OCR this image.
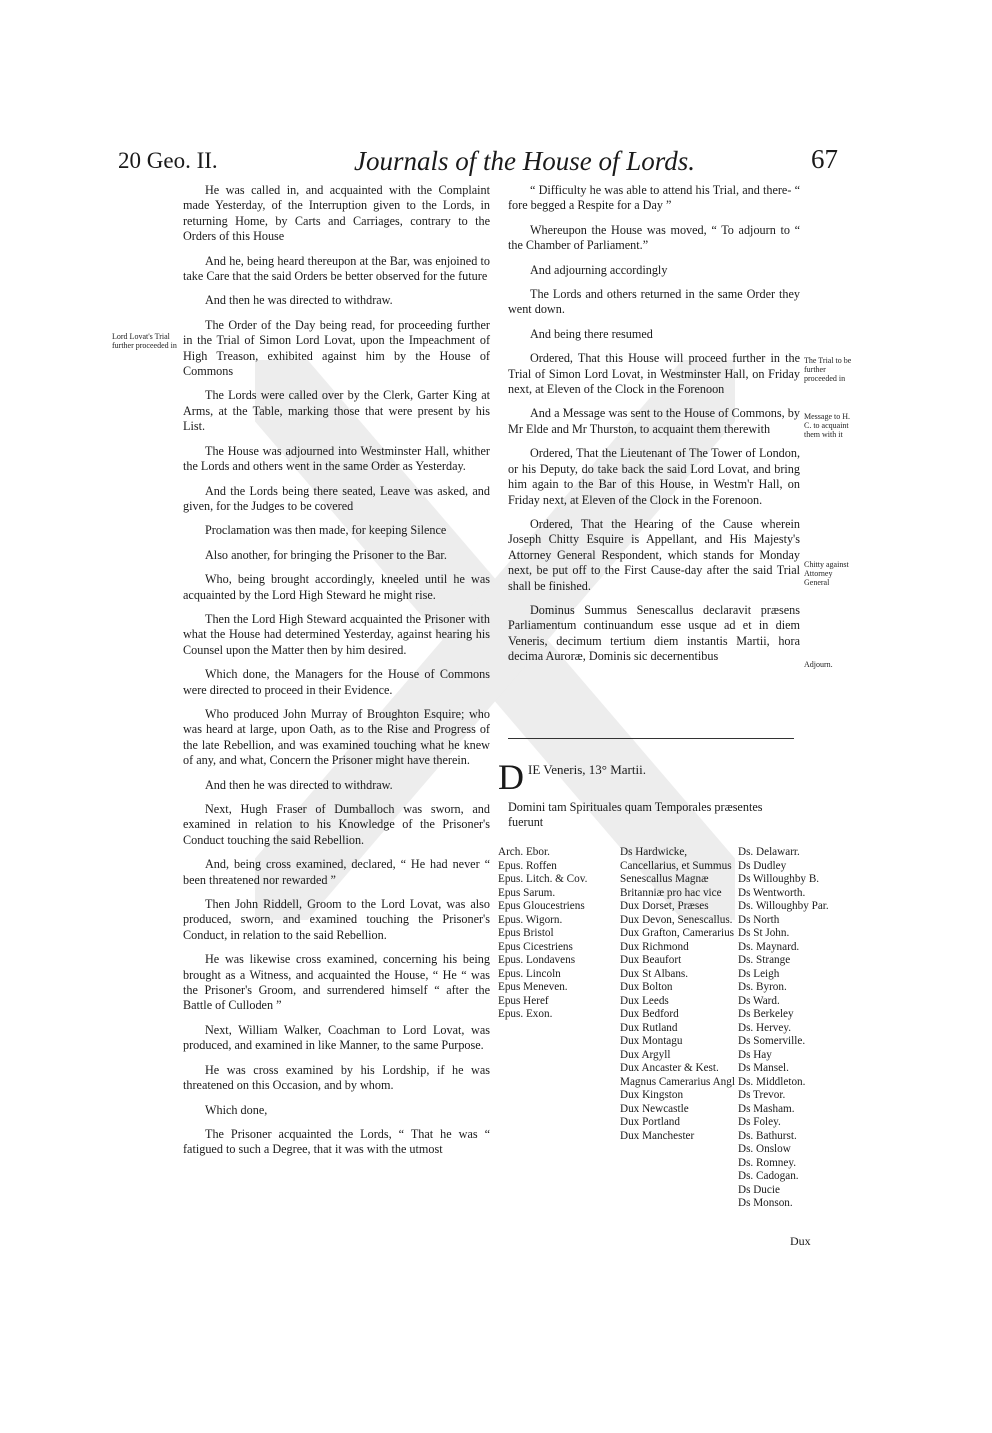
20 Geo. II.	Journals of the House of Lords.	67
Lord Lovat's Trial further proceeded in

He was called in, and acquainted with the Complaint made Yesterday, of the Interruption given to the Lords, in returning Home, by Carts and Carriages, contrary to the Orders of this House

And he, being heard thereupon at the Bar, was enjoined to take Care that the said Orders be better observed for the future

And then he was directed to withdraw.

The Order of the Day being read, for proceeding further in the Trial of Simon Lord Lovat, upon the Impeachment of High Treason, exhibited against him by the House of Commons

The Lords were called over by the Clerk, Garter King at Arms, at the Table, marking those that were present by his List.

The House was adjourned into Westminster Hall, whither the Lords and others went in the same Order as Yesterday.

And the Lords being there seated, Leave was asked, and given, for the Judges to be covered

Proclamation was then made, for keeping Silence

Also another, for bringing the Prisoner to the Bar.

Who, being brought accordingly, kneeled until he was acquainted by the Lord High Steward he might rise.

Then the Lord High Steward acquainted the Prisoner with what the House had determined Yesterday, against hearing his Counsel upon the Matter then by him desired.

Which done, the Managers for the House of Commons were directed to proceed in their Evidence.

Who produced John Murray of Broughton Esquire; who was heard at large, upon Oath, as to the Rise and Progress of the late Rebellion, and was examined touching what he knew of any, and what, Concern the Prisoner might have therein.

And then he was directed to withdraw.

Next, Hugh Fraser of Dumballoch was sworn, and examined in relation to his Knowledge of the Prisoner's Conduct touching the said Rebellion.

And, being cross examined, declared, “ He had never “ been threatened nor rewarded ”

Then John Riddell, Groom to the Lord Lovat, was also produced, sworn, and examined touching the Prisoner's Conduct, in relation to the said Rebellion.

He was likewise cross examined, concerning his being brought as a Witness, and acquainted the House, “ He “ was the Prisoner's Groom, and surrendered himself “ after the Battle of Culloden ”

Next, William Walker, Coachman to Lord Lovat, was produced, and examined in like Manner, to the same Purpose.

He was cross examined by his Lordship, if he was threatened on this Occasion, and by whom.

Which done,

The Prisoner acquainted the Lords, “ That he was “ fatigued to such a Degree, that it was with the utmost

“ Difficulty he was able to attend his Trial, and there- “ fore begged a Respite for a Day ”

Whereupon the House was moved, “ To adjourn to “ the Chamber of Parliament.”

And adjourning accordingly

The Lords and others returned in the same Order they went down.

And being there resumed

Ordered, That this House will proceed further in the Trial of Simon Lord Lovat, in Westminster Hall, on Friday next, at Eleven of the Clock in the Forenoon

And a Message was sent to the House of Commons, by Mr Elde and Mr Thurston, to acquaint them therewith

Ordered, That the Lieutenant of The Tower of London, or his Deputy, do take back the said Lord Lovat, and bring him again to the Bar of this House, in Westm'r Hall, on Friday next, at Eleven of the Clock in the Forenoon.

Ordered, That the Hearing of the Cause wherein Joseph Chitty Esquire is Appellant, and His Majesty's Attorney General Respondent, which stands for Monday next, be put off to the First Cause-day after the said Trial shall be finished.

Dominus Summus Senescallus declaravit præsens Parliamentum continuandum esse usque ad et in diem Veneris, decimum tertium diem instantis Martii, hora decima Auroræ, Dominis sic decernentibus

The Trial to be further proceeded in
Message to H. C. to acquaint them with it
Chitty against Attorney General
Adjourn.
D IE Veneris, 13° Martii.
Domini tam Spirituales quam Temporales præsentes fuerunt
Arch. Ebor.
Epus. Roffen
Epus. Litch. & Cov.
Epus Sarum.
Epus Gloucestriens
Epus. Wigorn.
Epus Bristol
Epus Cicestriens
Epus. Londavens
Epus. Lincoln
Epus Meneven.
Epus Heref
Epus. Exon.
Ds Hardwicke, Cancellarius, et Summus Senescallus Magnæ Britanniæ pro hac vice
Dux Dorset, Præses
Dux Devon, Senescallus.
Dux Grafton, Camerarius
Dux Richmond
Dux Beaufort
Dux St Albans.
Dux Bolton
Dux Leeds
Dux Bedford
Dux Rutland
Dux Montagu
Dux Argyll
Dux Ancaster & Kest. Magnus Camerarius Angl
Dux Kingston
Dux Newcastle
Dux Portland
Dux Manchester
Ds. Delawarr.
Ds Dudley
Ds Willoughby B.
Ds Wentworth.
Ds. Willoughby Par.
Ds North
Ds St John.
Ds. Maynard.
Ds. Strange
Ds Leigh
Ds. Byron.
Ds Ward.
Ds Berkeley
Ds. Hervey.
Ds Somerville.
Ds Hay
Ds Mansel.
Ds. Middleton.
Ds Trevor.
Ds Masham.
Ds Foley.
Ds. Bathurst.
Ds. Onslow
Ds. Romney.
Ds. Cadogan.
Ds Ducie
Ds Monson.
Dux
